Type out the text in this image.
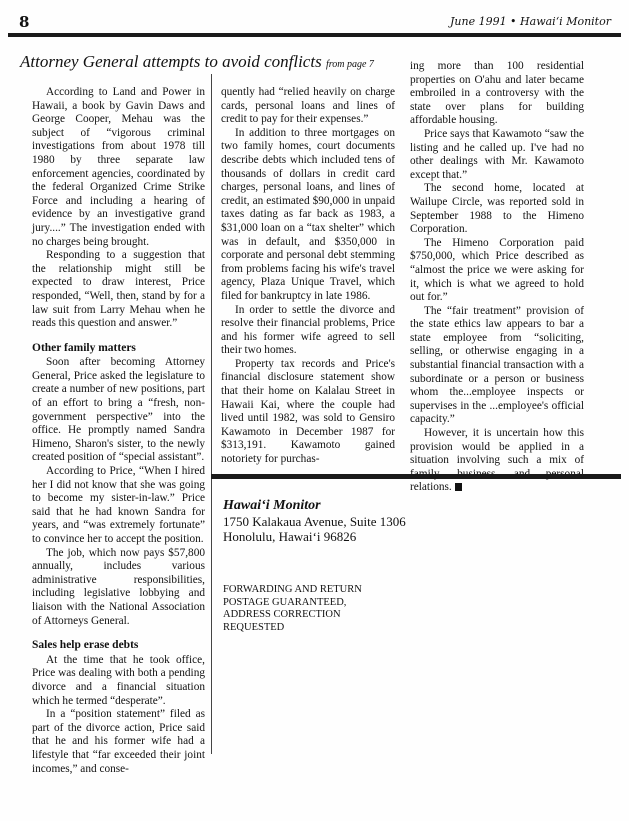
8	June 1991 • Hawai‘i Monitor
Attorney General attempts to avoid conflicts from page 7

According to Land and Power in Hawaii, a book by Gavin Daws and George Cooper, Mehau was the subject of “vigorous criminal investigations from about 1978 till 1980 by three separate law enforcement agencies, coordinated by the federal Organized Crime Strike Force and including a hearing of evidence by an investigative grand jury....” The investigation ended with no charges being brought.

Responding to a suggestion that the relationship might still be expected to draw interest, Price responded, “Well, then, stand by for a law suit from Larry Mehau when he reads this question and answer.”

Other family matters

Soon after becoming Attorney General, Price asked the legislature to create a number of new positions, part of an effort to bring a “fresh, non-government perspective” into the office. He promptly named Sandra Himeno, Sharon's sister, to the newly created position of “special assistant”.

According to Price, “When I hired her I did not know that she was going to become my sister-in-law.” Price said that he had known Sandra for years, and “was extremely fortunate” to convince her to accept the position.

The job, which now pays $57,800 annually, includes various administrative responsibilities, including legislative lobbying and liaison with the National Association of Attorneys General.

Sales help erase debts

At the time that he took office, Price was dealing with both a pending divorce and a financial situation which he termed “desperate”.

In a “position statement” filed as part of the divorce action, Price said that he and his former wife had a lifestyle that “far exceeded their joint incomes,” and conse-

quently had “relied heavily on charge cards, personal loans and lines of credit to pay for their expenses.”

In addition to three mortgages on two family homes, court documents describe debts which included tens of thousands of dollars in credit card charges, personal loans, and lines of credit, an estimated $90,000 in unpaid taxes dating as far back as 1983, a $31,000 loan on a “tax shelter” which was in default, and $350,000 in corporate and personal debt stemming from problems facing his wife's travel agency, Plaza Unique Travel, which filed for bankruptcy in late 1986.

In order to settle the divorce and resolve their financial problems, Price and his former wife agreed to sell their two homes.

Property tax records and Price's financial disclosure statement show that their home on Kalalau Street in Hawaii Kai, where the couple had lived until 1982, was sold to Gensiro Kawamoto in December 1987 for $313,191. Kawamoto gained notoriety for purchas-

ing more than 100 residential properties on O'ahu and later became embroiled in a controversy with the state over plans for building affordable housing.

Price says that Kawamoto “saw the listing and he called up. I've had no other dealings with Mr. Kawamoto except that.”

The second home, located at Wailupe Circle, was reported sold in September 1988 to the Himeno Corporation.

The Himeno Corporation paid $750,000, which Price described as “almost the price we were asking for it, which is what we agreed to hold out for.”

The “fair treatment” provision of the state ethics law appears to bar a state employee from “soliciting, selling, or otherwise engaging in a substantial financial transaction with a subordinate or a person or business whom the...employee inspects or supervises in the ...employee's official capacity.”

However, it is uncertain how this provision would be applied in a situation involving such a mix of relations.

Hawai‘i Monitor
1750 Kalakaua Avenue, Suite 1306
Honolulu, Hawai‘i 96826
FORWARDING AND RETURN
POSTAGE GUARANTEED,
ADDRESS CORRECTION
REQUESTED
